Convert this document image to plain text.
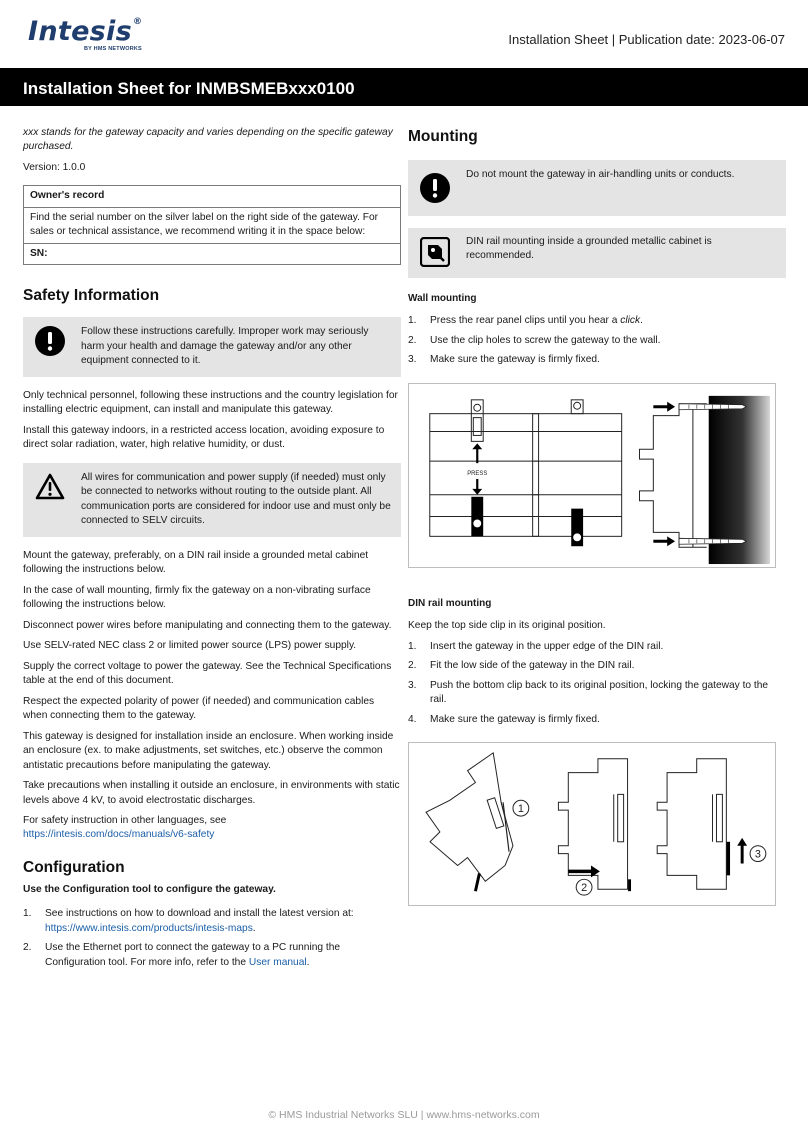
Intesis®
BY HMS NETWORKS
Installation Sheet | Publication date: 2023-06-07
Installation Sheet for INMBSMEBxxx0100

xxx stands for the gateway capacity and varies depending on the specific gateway purchased.

Version: 1.0.0

Owner's record
Find the serial number on the silver label on the right side of the gateway. For sales or technical assistance, we recommend writing it in the space below:
SN:
Safety Information
Follow these instructions carefully. Improper work may seriously harm your health and damage the gateway and/or any other equipment connected to it.

Only technical personnel, following these instructions and the country legislation for installing electric equipment, can install and manipulate this gateway.

Install this gateway indoors, in a restricted access location, avoiding exposure to direct solar radiation, water, high relative humidity, or dust.

All wires for communication and power supply (if needed) must only be connected to networks without routing to the outside plant. All communication ports are considered for indoor use and must only be connected to SELV circuits.

Mount the gateway, preferably, on a DIN rail inside a grounded metal cabinet following the instructions below.

In the case of wall mounting, firmly fix the gateway on a non-vibrating surface following the instructions below.

Disconnect power wires before manipulating and connecting them to the gateway.

Use SELV-rated NEC class 2 or limited power source (LPS) power supply.

Supply the correct voltage to power the gateway. See the Technical Specifications table at the end of this document.

Respect the expected polarity of power (if needed) and communication cables when connecting them to the gateway.

This gateway is designed for installation inside an enclosure. When working inside an enclosure (ex. to make adjustments, set switches, etc.) observe the common antistatic precautions before manipulating the gateway.

Take precautions when installing it outside an enclosure, in environments with static levels above 4 kV, to avoid electrostatic discharges.

For safety instruction in other languages, see
https://intesis.com/docs/manuals/v6-safety

Configuration

Use the Configuration tool to configure the gateway.

1.	See instructions on how to download and install the latest version at:
https://www.intesis.com/products/intesis-maps.
2.	Use the Ethernet port to connect the gateway to a PC running the Configuration tool. For more info, refer to the User manual.
Mounting
Do not mount the gateway in air-handling units or conducts.
DIN rail mounting inside a grounded metallic cabinet is recommended.
Wall mounting
1.	Press the rear panel clips until you hear a click.
2.	Use the clip holes to screw the gateway to the wall.
3.	Make sure the gateway is firmly fixed.
PRESS
DIN rail mounting

Keep the top side clip in its original position.

1.	Insert the gateway in the upper edge of the DIN rail.
2.	Fit the low side of the gateway in the DIN rail.
3.	Push the bottom clip back to its original position, locking the gateway to the rail.
4.	Make sure the gateway is firmly fixed.
1
2
3
© HMS Industrial Networks SLU | www.hms-networks.com
